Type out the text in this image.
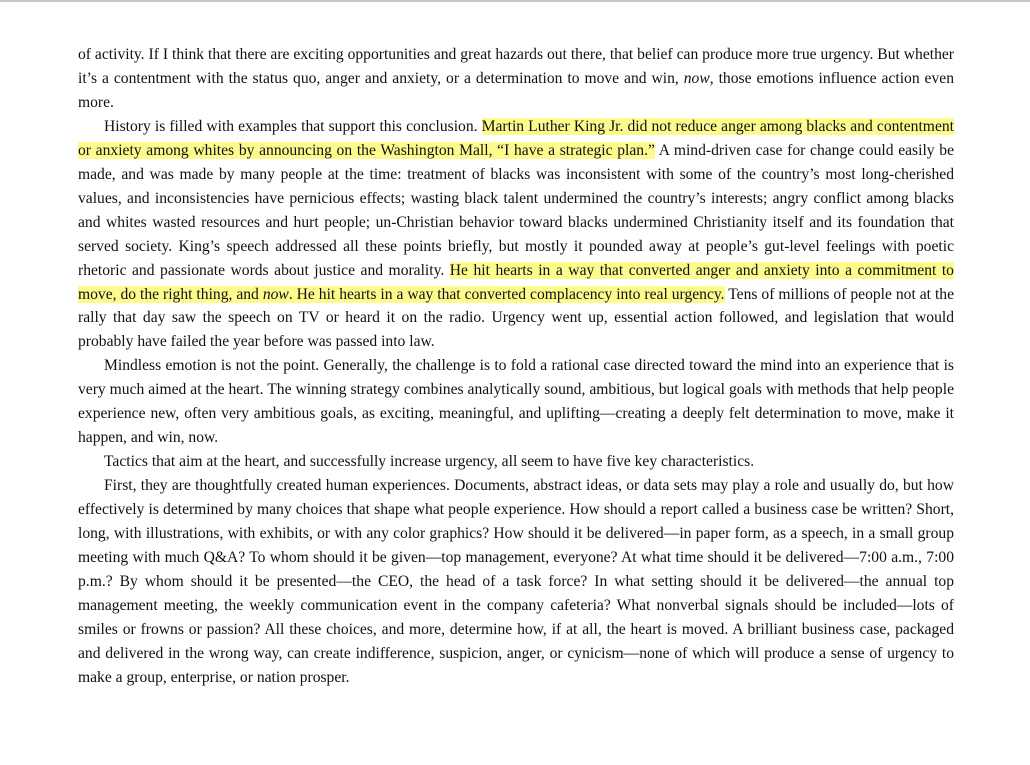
of activity. If I think that there are exciting opportunities and great hazards out there, that belief can produce more true urgency. But whether it’s a contentment with the status quo, anger and anxiety, or a determination to move and win, now, those emotions influence action even more.

History is filled with examples that support this conclusion. Martin Luther King Jr. did not reduce anger among blacks and contentment or anxiety among whites by announcing on the Washington Mall, “I have a strategic plan.” A mind-driven case for change could easily be made, and was made by many people at the time: treatment of blacks was inconsistent with some of the country’s most long-cherished values, and inconsistencies have pernicious effects; wasting black talent undermined the country’s interests; angry conflict among blacks and whites wasted resources and hurt people; un-Christian behavior toward blacks undermined Christianity itself and its foundation that served society. King’s speech addressed all these points briefly, but mostly it pounded away at people’s gut-level feelings with poetic rhetoric and passionate words about justice and morality. He hit hearts in a way that converted anger and anxiety into a commitment to move, do the right thing, and now. He hit hearts in a way that converted complacency into real urgency. Tens of millions of people not at the rally that day saw the speech on TV or heard it on the radio. Urgency went up, essential action followed, and legislation that would probably have failed the year before was passed into law.

Mindless emotion is not the point. Generally, the challenge is to fold a rational case directed toward the mind into an experience that is very much aimed at the heart. The winning strategy combines analytically sound, ambitious, but logical goals with methods that help people experience new, often very ambitious goals, as exciting, meaningful, and uplifting—creating a deeply felt determination to move, make it happen, and win, now.

Tactics that aim at the heart, and successfully increase urgency, all seem to have five key characteristics.

First, they are thoughtfully created human experiences. Documents, abstract ideas, or data sets may play a role and usually do, but how effectively is determined by many choices that shape what people experience. How should a report called a business case be written? Short, long, with illustrations, with exhibits, or with any color graphics? How should it be delivered—in paper form, as a speech, in a small group meeting with much Q&A? To whom should it be given—top management, everyone? At what time should it be delivered—7:00 a.m., 7:00 p.m.? By whom should it be presented—the CEO, the head of a task force? In what setting should it be delivered—the annual top management meeting, the weekly communication event in the company cafeteria? What nonverbal signals should be included—lots of smiles or frowns or passion? All these choices, and more, determine how, if at all, the heart is moved. A brilliant business case, packaged and delivered in the wrong way, can create indifference, suspicion, anger, or cynicism—none of which will produce a sense of urgency to make a group, enterprise, or nation prosper.
